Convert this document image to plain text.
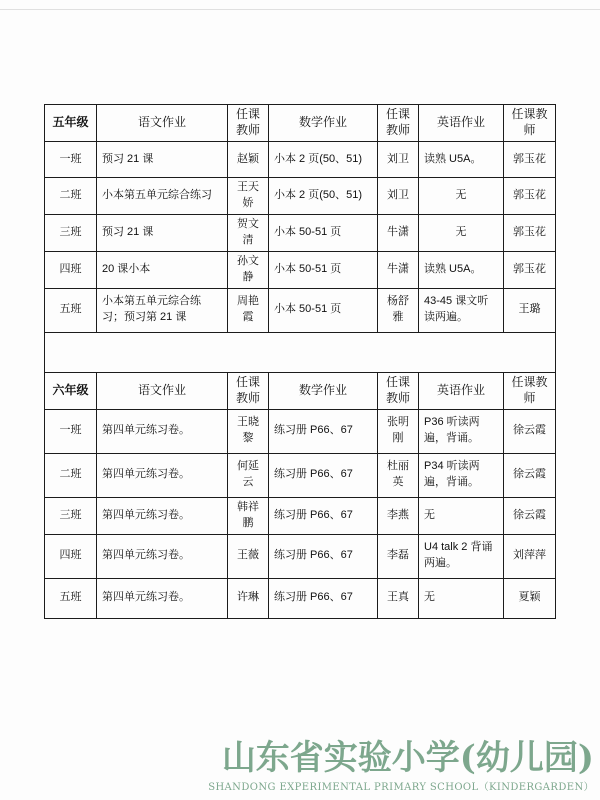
五年级	语文作业	任课教师	数学作业	任课教师	英语作业	任课教师
一班	预习 21 课	赵颖	小本 2 页(50、51)	刘卫	读熟 U5A。	郭玉花
二班	小本第五单元综合练习	王天娇	小本 2 页(50、51)	刘卫	无	郭玉花
三班	预习 21 课	贺文清	小本 50-51 页	牛潇	无	郭玉花
四班	20 课小本	孙文静	小本 50-51 页	牛潇	读熟 U5A。	郭玉花
五班	小本第五单元综合练习；预习第 21 课	周艳霞	小本 50-51 页	杨舒雅	43-45 课文听读两遍。	王璐

六年级	语文作业	任课教师	数学作业	任课教师	英语作业	任课教师
一班	第四单元练习卷。	王晓黎	练习册 P66、67	张明刚	P36 听读两遍，背诵。	徐云霞
二班	第四单元练习卷。	何延云	练习册 P66、67	杜丽英	P34 听读两遍，背诵。	徐云霞
三班	第四单元练习卷。	韩祥鹏	练习册 P66、67	李燕	无	徐云霞
四班	第四单元练习卷。	王薇	练习册 P66、67	李磊	U4 talk 2 背诵两遍。	刘萍萍
五班	第四单元练习卷。	许琳	练习册 P66、67	王真	无	夏颖
山东省实验小学(幼儿园)
SHANDONG EXPERIMENTAL PRIMARY SCHOOL（KINDERGARDEN）
